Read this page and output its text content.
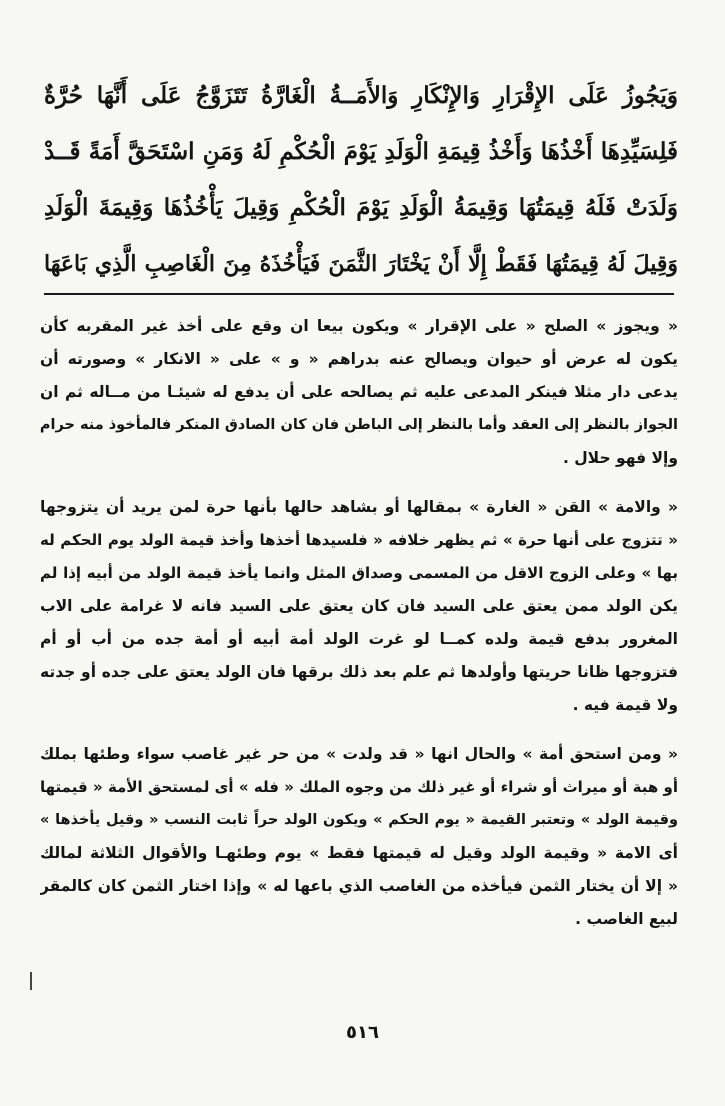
وَيَجُوزُ عَلَى الإِقْرَارِ وَالإِنْكَارِ وَالأَمَــةُ الْغَارَّةُ تَتَزَوَّجُ عَلَى أَنَّهَا حُرَّةٌ
فَلِسَيِّدِهَا أَخْذُهَا وَأَخْذُ قِيمَةِ الْوَلَدِ يَوْمَ الْحُكْمِ لَهُ وَمَنِ اسْتَحَقَّ أَمَةً قَــدْ
وَلَدَتْ فَلَهُ قِيمَتُهَا وَقِيمَةُ الْوَلَدِ يَوْمَ الْحُكْمِ وَقِيلَ يَأْخُذُهَا وَقِيمَةَ الْوَلَدِ
وَقِيلَ لَهُ قِيمَتُهَا فَقَطْ إِلَّا أَنْ يَخْتَارَ الثَّمَنَ فَيَأْخُذَهُ مِنَ الْغَاصِبِ الَّذِي بَاعَهَا
« ويجوز » الصلح « على الإقرار » ويكون بيعا ان وقع على أخذ غير المقربه كأن
يكون له عرض أو حيوان ويصالح عنه بدراهم « و » على « الانكار » وصورته أن
يدعى دار مثلا فينكر المدعى عليه ثم يصالحه على أن يدفع له شيئـا من مــاله ثم ان
الجواز بالنظر إلى العقد وأما بالنظر إلى الباطن فان كان الصادق المنكر فالمأخوذ منه حرام
وإلا فهو حلال .
« والامة » القن « الغارة » بمقالها أو بشاهد حالها بأنها حرة لمن يريد أن يتزوجها
« تتزوج على أنها حرة » ثم يظهر خلافه « فلسيدها أخذها وأخذ قيمة الولد يوم الحكم له
بها » وعلى الزوج الاقل من المسمى وصداق المثل وانما يأخذ قيمة الولد من أبيه إذا لم
يكن الولد ممن يعتق على السيد فان كان يعتق على السيد فانه لا غرامة على الاب
المغرور بدفع قيمة ولده كمــا لو غرت الولد أمة أبيه أو أمة جده من أب أو أم
فتزوجها ظانا حريتها وأولدها ثم علم بعد ذلك برقها فان الولد يعتق على جده أو جدته
ولا قيمة فيه .
« ومن استحق أمة » والحال انها « قد ولدت » من حر غير غاصب سواء وطئها بملك
أو هبة أو ميراث أو شراء أو غير ذلك من وجوه الملك « فله » أى لمستحق الأمة « قيمتها
وقيمة الولد » وتعتبر القيمة « يوم الحكم » ويكون الولد حراً ثابت النسب « وقيل يأخذها »
أى الامة « وقيمة الولد وقيل له قيمتها فقط » يوم وطئهـا والأقوال الثلاثة لمالك
« إلا أن يختار الثمن فيأخذه من الغاصب الذي باعها له » وإذا اختار الثمن كان كالمقر
لبيع الغاصب .
٥١٦
